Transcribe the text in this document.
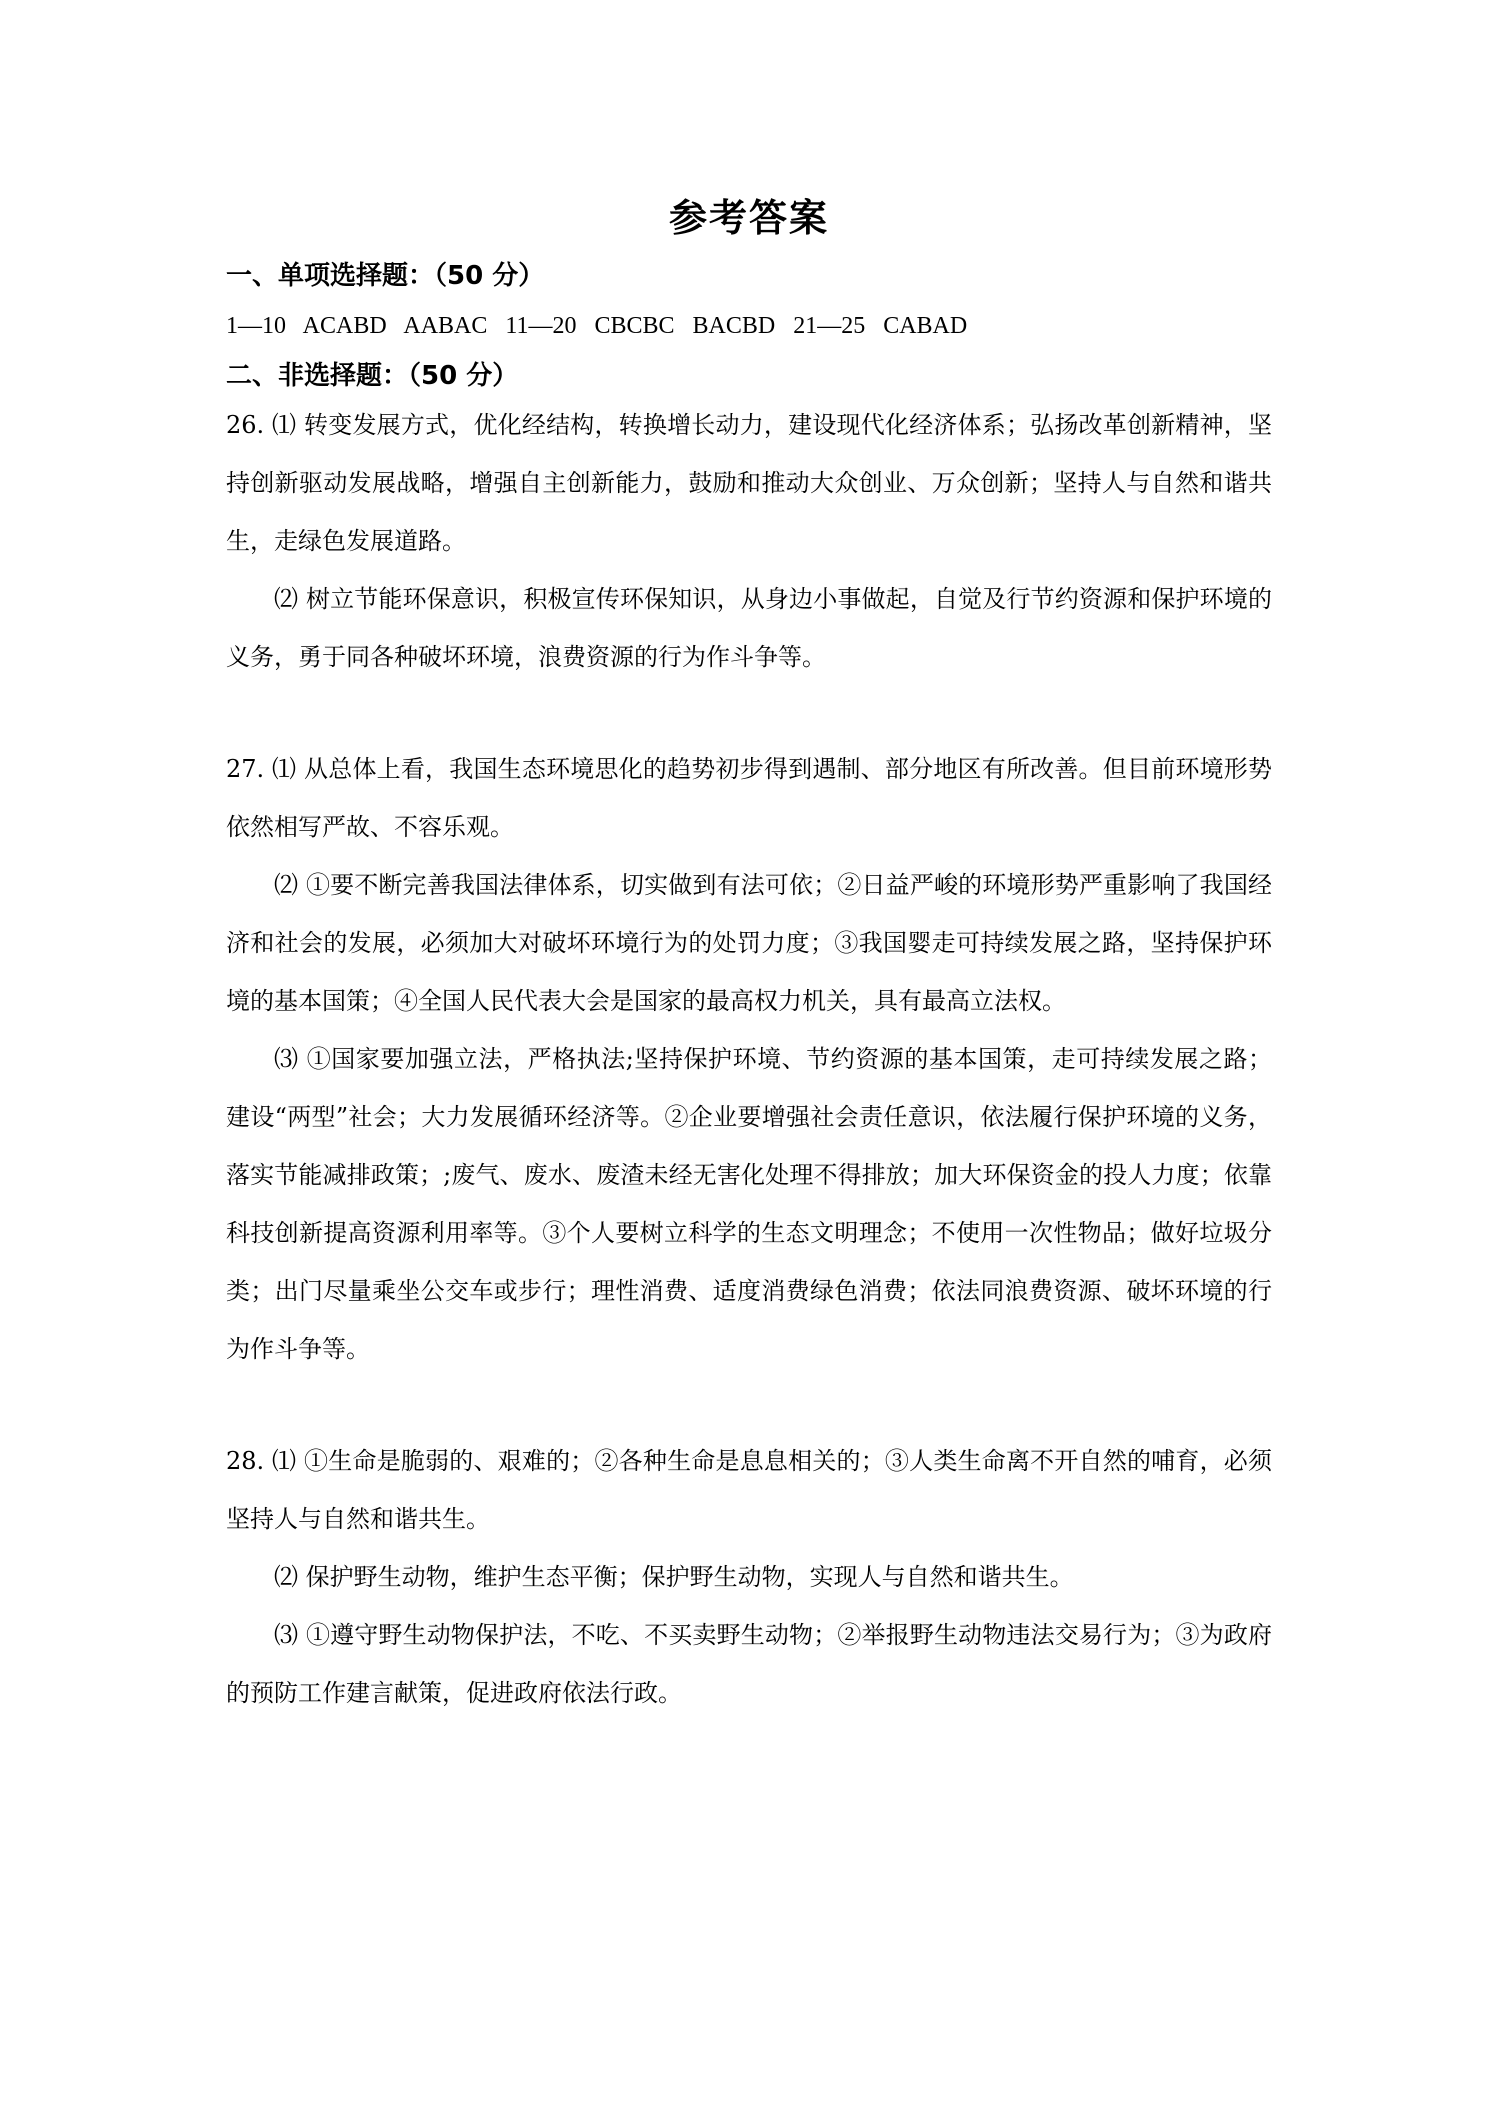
参考答案
一、单项选择题：（50 分）
1—10   ACABD   AABAC   11—20   CBCBC   BACBD   21—25   CABAD
二、非选择题：（50 分）

26. ⑴ 转变发展方式，优化经结构，转换增长动力，建设现代化经济体系；弘扬改革创新精神，坚持创新驱动发展战略，增强自主创新能力，鼓励和推动大众创业、万众创新；坚持人与自然和谐共生，走绿色发展道路。

⑵ 树立节能环保意识，积极宣传环保知识，从身边小事做起，自觉及行节约资源和保护环境的义务，勇于同各种破坏环境，浪费资源的行为作斗争等。

27. ⑴ 从总体上看，我国生态环境思化的趋势初步得到遇制、部分地区有所改善。但目前环境形势依然相写严故、不容乐观。

⑵ ①要不断完善我国法律体系，切实做到有法可依；②日益严峻的环境形势严重影响了我国经济和社会的发展，必须加大对破坏环境行为的处罚力度；③我国婴走可持续发展之路，坚持保护环境的基本国策；④全国人民代表大会是国家的最高权力机关，具有最高立法权。

⑶ ①国家要加强立法，严格执法;坚持保护环境、节约资源的基本国策，走可持续发展之路；建设“两型”社会；大力发展循环经济等。②企业要增强社会责任意识，依法履行保护环境的义务，落实节能减排政策；;废气、废水、废渣未经无害化处理不得排放；加大环保资金的投人力度；依靠科技创新提高资源利用率等。③个人要树立科学的生态文明理念；不使用一次性物品；做好垃圾分类；出门尽量乘坐公交车或步行；理性消费、适度消费绿色消费；依法同浪费资源、破坏环境的行为作斗争等。

28. ⑴ ①生命是脆弱的、艰难的；②各种生命是息息相关的；③人类生命离不开自然的哺育，必须坚持人与自然和谐共生。

⑵ 保护野生动物，维护生态平衡；保护野生动物，实现人与自然和谐共生。

⑶ ①遵守野生动物保护法，不吃、不买卖野生动物；②举报野生动物违法交易行为；③为政府的预防工作建言献策，促进政府依法行政。
